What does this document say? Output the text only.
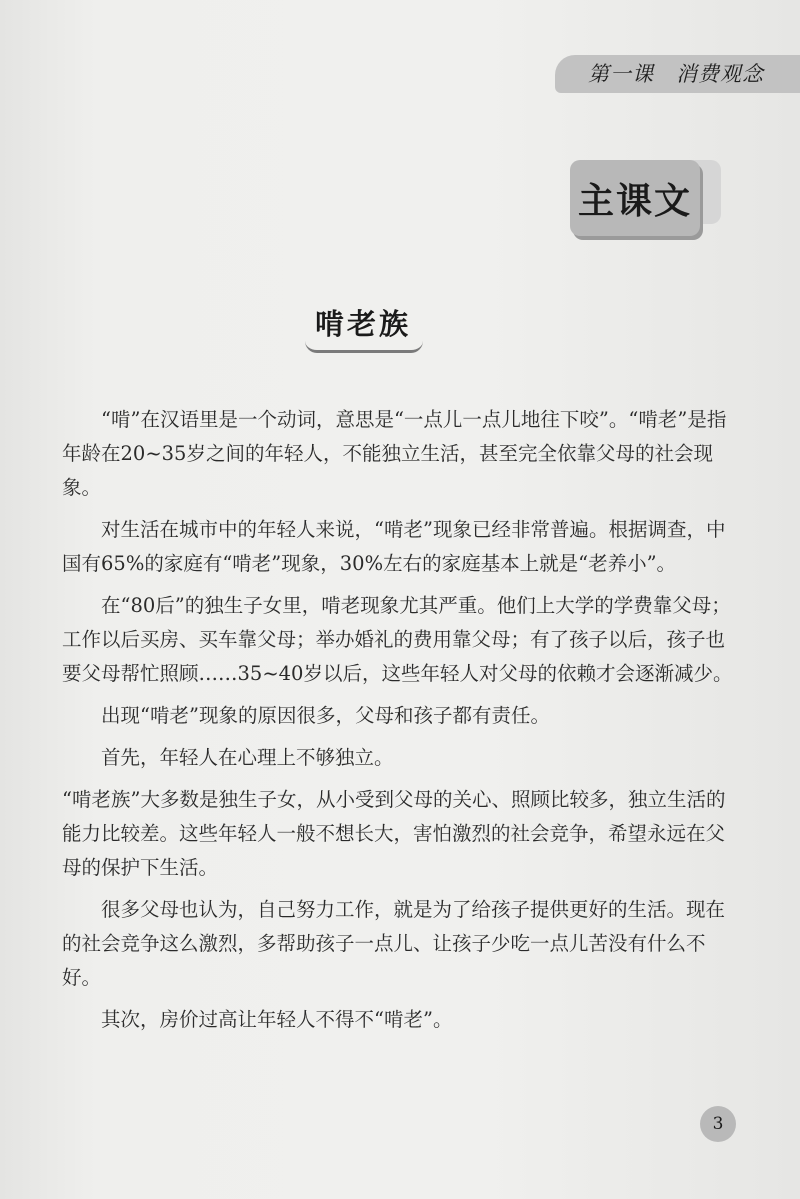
第一课　消费观念
主课文
啃老族

“啃”在汉语里是一个动词，意思是“一点儿一点儿地往下咬”。“啃老”是指年龄在20~35岁之间的年轻人，不能独立生活，甚至完全依靠父母的社会现象。

对生活在城市中的年轻人来说，“啃老”现象已经非常普遍。根据调查，中国有65%的家庭有“啃老”现象，30%左右的家庭基本上就是“老养小”。

在“80后”的独生子女里，啃老现象尤其严重。他们上大学的学费靠父母；工作以后买房、买车靠父母；举办婚礼的费用靠父母；有了孩子以后，孩子也要父母帮忙照顾……35~40岁以后，这些年轻人对父母的依赖才会逐渐减少。

出现“啃老”现象的原因很多，父母和孩子都有责任。

首先，年轻人在心理上不够独立。

“啃老族”大多数是独生子女，从小受到父母的关心、照顾比较多，独立生活的能力比较差。这些年轻人一般不想长大，害怕激烈的社会竞争，希望永远在父母的保护下生活。

很多父母也认为，自己努力工作，就是为了给孩子提供更好的生活。现在的社会竞争这么激烈，多帮助孩子一点儿、让孩子少吃一点儿苦没有什么不好。

其次，房价过高让年轻人不得不“啃老”。

3
